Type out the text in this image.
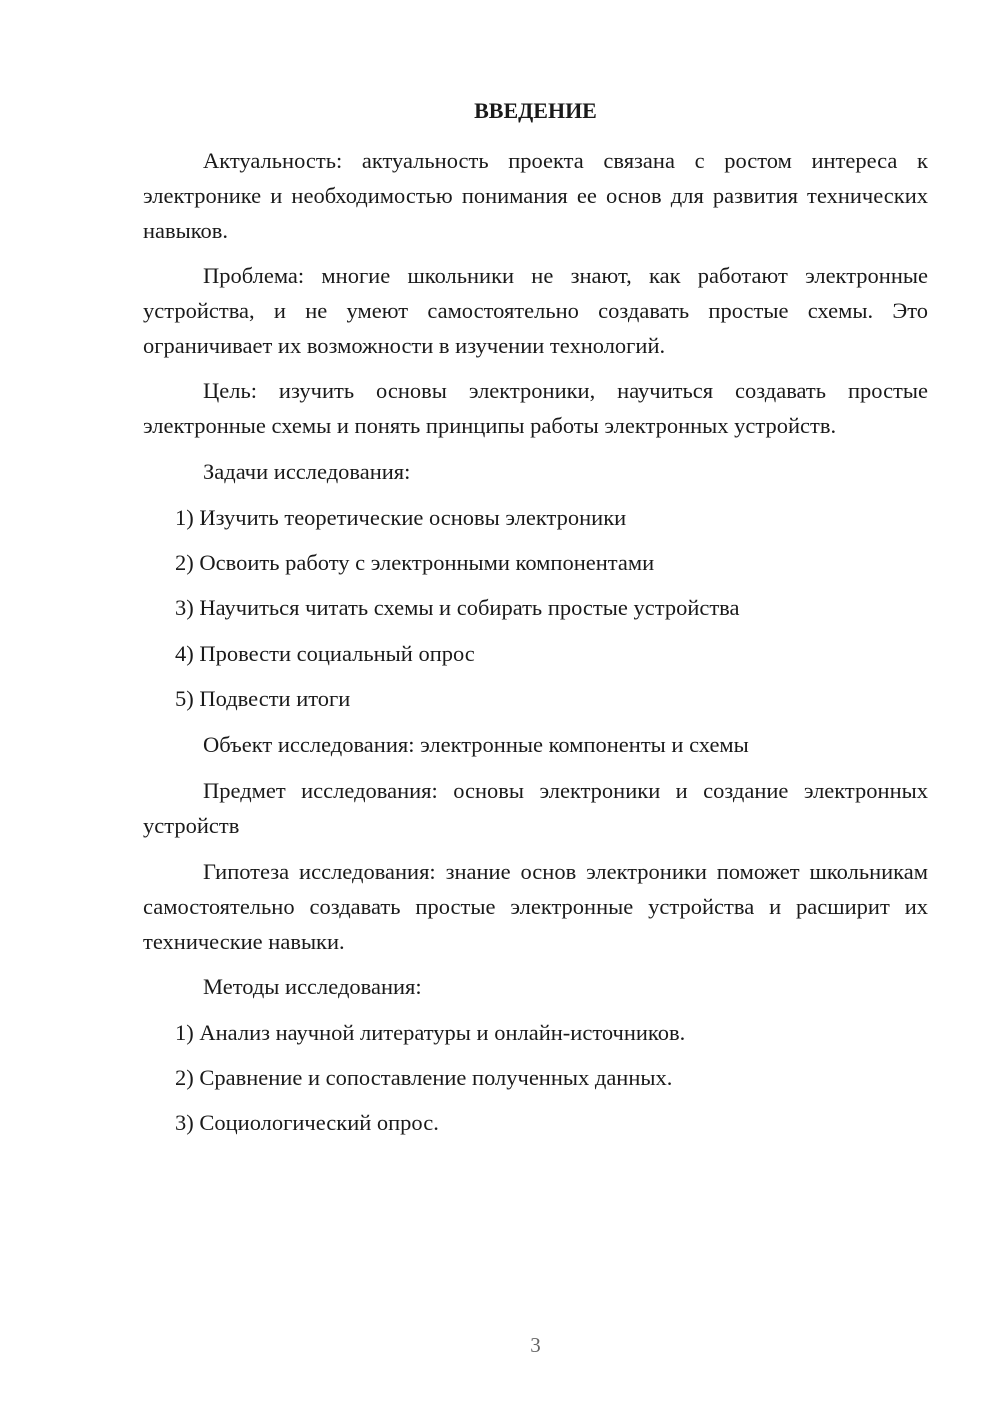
ВВЕДЕНИЕ

Актуальность: актуальность проекта связана с ростом интереса к электронике и необходимостью понимания ее основ для развития технических навыков.

Проблема: многие школьники не знают, как работают электронные устройства, и не умеют самостоятельно создавать простые схемы. Это ограничивает их возможности в изучении технологий.

Цель: изучить основы электроники, научиться создавать простые электронные схемы и понять принципы работы электронных устройств.

Задачи исследования:

1) Изучить теоретические основы электроники

2) Освоить работу с электронными компонентами

3) Научиться читать схемы и собирать простые устройства

4) Провести социальный опрос

5) Подвести итоги

Объект исследования: электронные компоненты и схемы

Предмет исследования: основы электроники и создание электронных устройств

Гипотеза исследования: знание основ электроники поможет школьникам самостоятельно создавать простые электронные устройства и расширит их технические навыки.

Методы исследования:

1) Анализ научной литературы и онлайн-источников.

2) Сравнение и сопоставление полученных данных.

3) Социологический опрос.

3
